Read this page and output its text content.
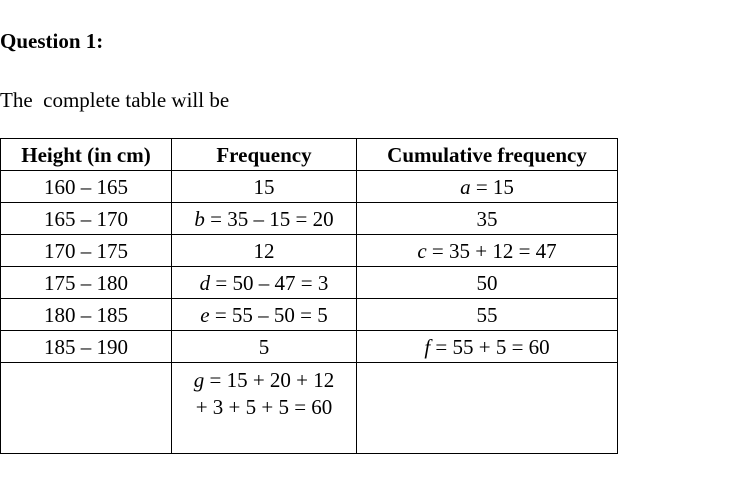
Question 1:
The  complete table will be
Height (in cm)	Frequency	Cumulative frequency
160 – 165	15	a = 15
165 – 170	b = 35 – 15 = 20	35
170 – 175	12	c = 35 + 12 = 47
175 – 180	d = 50 – 47 = 3	50
180 – 185	e = 55 – 50 = 5	55
185 – 190	5	f = 55 + 5 = 60

	g = 15 + 20 + 12
+ 3 + 5 + 5 = 60	
